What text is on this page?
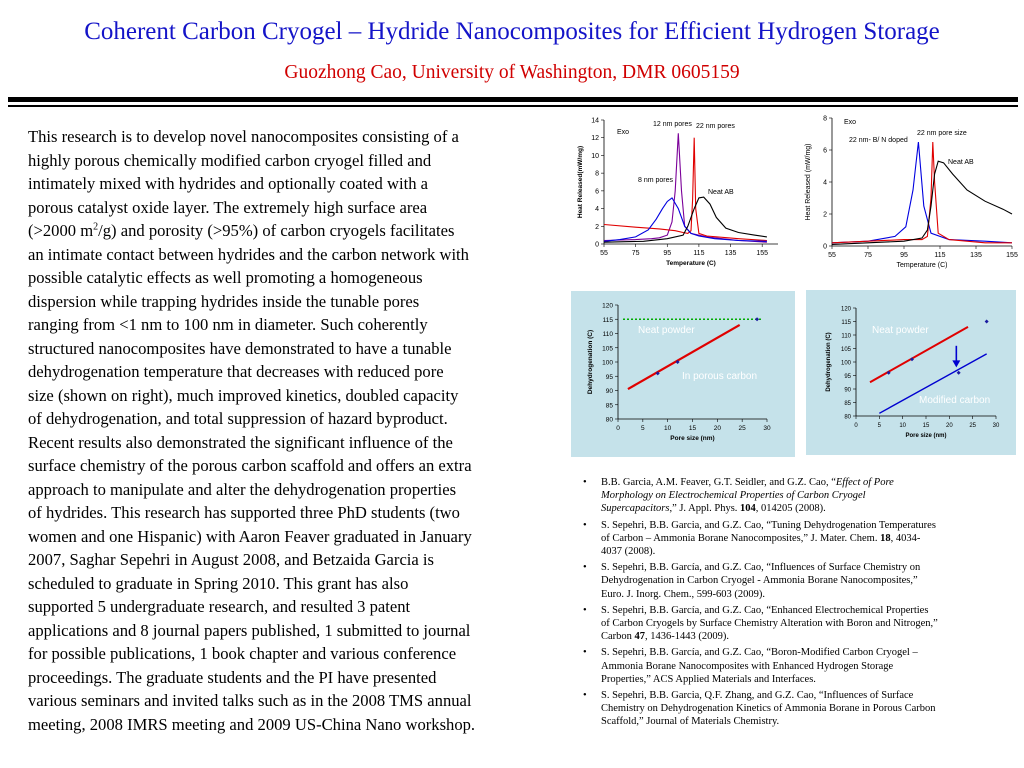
Coherent Carbon Cryogel – Hydride Nanocomposites for Efficient Hydrogen Storage
Guozhong Cao, University of Washington, DMR 0605159
This research is to develop novel nanocomposites consisting of a
highly porous chemically modified carbon cryogel filled and
intimately mixed with hydrides and optionally coated with a
porous catalyst oxide layer. The extremely high surface area
(>2000 $m^2/g$) and porosity (>95%) of carbon cryogels facilitates
an intimate contact between hydrides and the carbon network with
possible catalytic effects as well promoting a homogeneous
dispersion while trapping hydrides inside the tunable pores
ranging from <1 nm to 100 nm in diameter. Such coherently
structured nanocomposites have demonstrated to have a tunable
dehydrogenation temperature that decreases with reduced pore
size (shown on right), much improved kinetics, doubled capacity
of dehydrogenation, and total suppression of hazard byproduct.
Recent results also demonstrated the significant influence of the
surface chemistry of the porous carbon scaffold and offers an extra
approach to manipulate and alter the dehydrogenation properties
of hydrides. This research has supported three PhD students (two
women and one Hispanic) with Aaron Feaver graduated in January
2007, Saghar Sepehri in August 2008, and Betzaida Garcia is
scheduled to graduate in Spring 2010. This grant has also
supported 5 undergraduate research, and resulted 3 patent
applications and 8 journal papers published, 1 submitted to journal
for possible publications, 1 book chapter and various conference
proceedings. The graduate students and the PI have presented
various seminars and invited talks such as in the 2008 TMS annual
meeting, 2008 IMRS meeting and 2009 US-China Nano workshop.
0
2
4
6
8
10
12
14
55	75	95	115	135	155
Temperature (C)
Heat Released(mW/mg)
Exo
12 nm pores 22 nm pores
8 nm pores
Neat AB
0
2
4
6
8
55	75	95	115	135	155
Temperature (C)
Heat Released (mW/mg)
Exo
22 nm- B/ N doped
22 nm pore size
Neat AB
80
85
90
95
100
105
110
115
120
0	5	10	15	20	25	30
Pore size (nm)
Dehydrogenation (C)	Neat powder
In porous carbon
80
85
90
95
100
105
110
115
120
0	5	10	15	20	25	30
Pore size (nm)
Dehydrogenation (C)
Neat powder
Modified carbon
• B.B. Garcia, A.M. Feaver, G.T. Seidler, and G.Z. Cao, “Effect of Pore
Morphology on Electrochemical Properties of Carbon Cryogel
Supercapacitors,” J. Appl. Phys. 104, 014205 (2008).
• S. Sepehri, B.B. Garcia, and G.Z. Cao, “Tuning Dehydrogenation Temperatures
of Carbon – Ammonia Borane Nanocomposites,” J. Mater. Chem. 18, 4034-
4037 (2008).
• S. Sepehri, B.B. García, and G.Z. Cao, “Influences of Surface Chemistry on
Dehydrogenation in Carbon Cryogel - Ammonia Borane Nanocomposites,”
Euro. J. Inorg. Chem., 599-603 (2009).
• S. Sepehri, B.B. García, and G.Z. Cao, “Enhanced Electrochemical Properties
of Carbon Cryogels by Surface Chemistry Alteration with Boron and Nitrogen,”
Carbon 47, 1436-1443 (2009).
• S. Sepehri, B.B. García, and G.Z. Cao, “Boron-Modified Carbon Cryogel –
Ammonia Borane Nanocomposites with Enhanced Hydrogen Storage
Properties,” ACS Applied Materials and Interfaces.
• S. Sepehri, B.B. Garcia, Q.F. Zhang, and G.Z. Cao, “Influences of Surface
Chemistry on Dehydrogenation Kinetics of Ammonia Borane in Porous Carbon
Scaffold,” Journal of Materials Chemistry.
